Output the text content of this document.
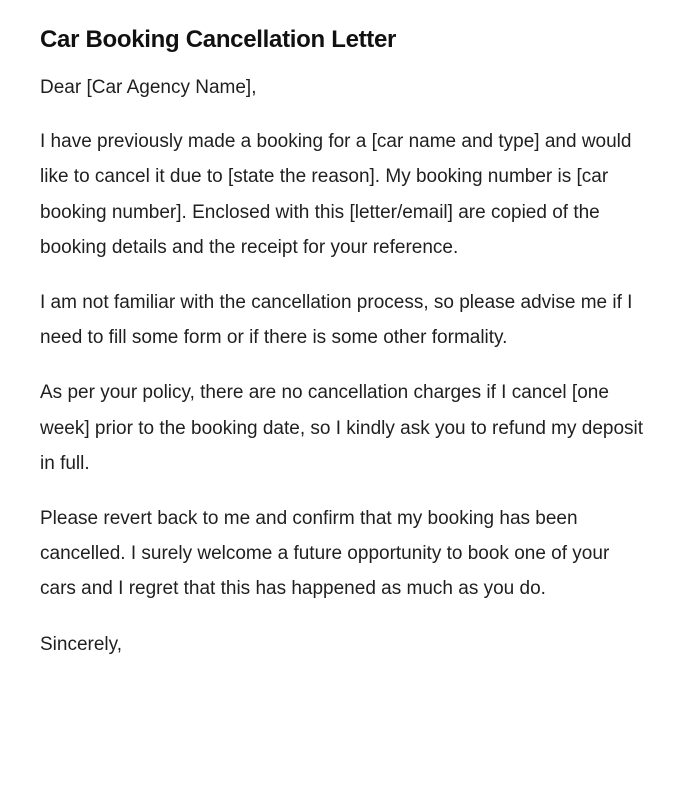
Car Booking Cancellation Letter

Dear [Car Agency Name],

I have previously made a booking for a [car name and type] and would like to cancel it due to [state the reason]. My booking number is [car booking number]. Enclosed with this [letter/email] are copied of the booking details and the receipt for your reference.

I am not familiar with the cancellation process, so please advise me if I need to fill some form or if there is some other formality.

As per your policy, there are no cancellation charges if I cancel [one week] prior to the booking date, so I kindly ask you to refund my deposit in full.

Please revert back to me and confirm that my booking has been cancelled. I surely welcome a future opportunity to book one of your cars and I regret that this has happened as much as you do.

Sincerely,
